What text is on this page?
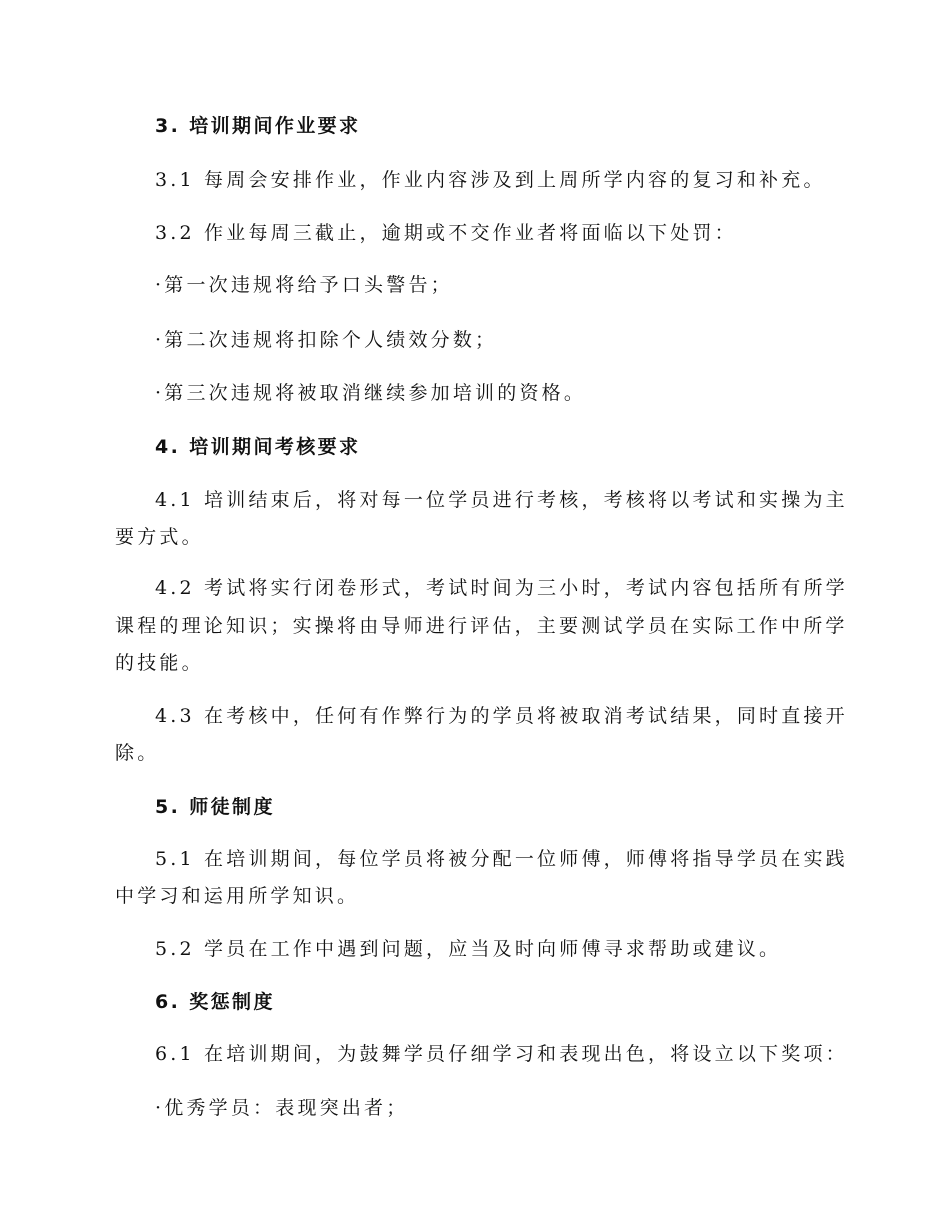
3. 培训期间作业要求
3.1 每周会安排作业，作业内容涉及到上周所学内容的复习和补充。
3.2 作业每周三截止，逾期或不交作业者将面临以下处罚：
·第一次违规将给予口头警告；
·第二次违规将扣除个人绩效分数；
·第三次违规将被取消继续参加培训的资格。
4. 培训期间考核要求
4.1 培训结束后，将对每一位学员进行考核，考核将以考试和实操为主
要方式。
4.2 考试将实行闭卷形式，考试时间为三小时，考试内容包括所有所学
课程的理论知识；实操将由导师进行评估，主要测试学员在实际工作中所学
的技能。
4.3 在考核中，任何有作弊行为的学员将被取消考试结果，同时直接开
除。
5. 师徒制度
5.1 在培训期间，每位学员将被分配一位师傅，师傅将指导学员在实践
中学习和运用所学知识。
5.2 学员在工作中遇到问题，应当及时向师傅寻求帮助或建议。
6. 奖惩制度
6.1 在培训期间，为鼓舞学员仔细学习和表现出色，将设立以下奖项：
·优秀学员：表现突出者；
